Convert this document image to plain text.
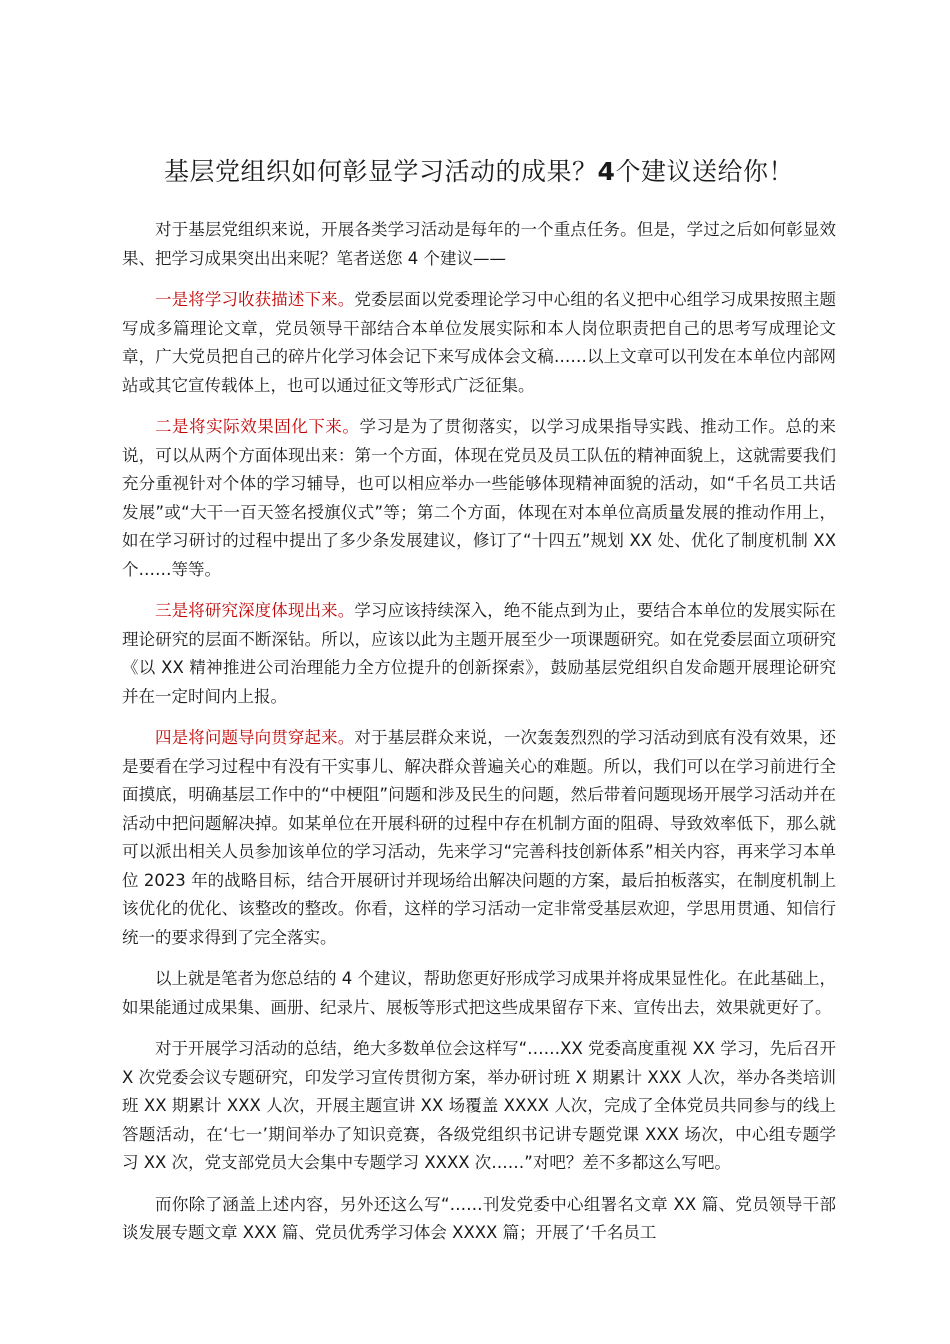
基层党组织如何彰显学习活动的成果？4个建议送给你！

对于基层党组织来说，开展各类学习活动是每年的一个重点任务。但是，学过之后如何彰显效果、把学习成果突出出来呢？笔者送您 4 个建议——

一是将学习收获描述下来。党委层面以党委理论学习中心组的名义把中心组学习成果按照主题写成多篇理论文章，党员领导干部结合本单位发展实际和本人岗位职责把自己的思考写成理论文章，广大党员把自己的碎片化学习体会记下来写成体会文稿……以上文章可以刊发在本单位内部网站或其它宣传载体上，也可以通过征文等形式广泛征集。

二是将实际效果固化下来。学习是为了贯彻落实，以学习成果指导实践、推动工作。总的来说，可以从两个方面体现出来：第一个方面，体现在党员及员工队伍的精神面貌上，这就需要我们充分重视针对个体的学习辅导，也可以相应举办一些能够体现精神面貌的活动，如“千名员工共话发展”或“大干一百天签名授旗仪式”等；第二个方面，体现在对本单位高质量发展的推动作用上，如在学习研讨的过程中提出了多少条发展建议，修订了“十四五”规划 XX 处、优化了制度机制 XX 个……等等。

三是将研究深度体现出来。学习应该持续深入，绝不能点到为止，要结合本单位的发展实际在理论研究的层面不断深钻。所以，应该以此为主题开展至少一项课题研究。如在党委层面立项研究《以 XX 精神推进公司治理能力全方位提升的创新探索》，鼓励基层党组织自发命题开展理论研究并在一定时间内上报。

四是将问题导向贯穿起来。对于基层群众来说，一次轰轰烈烈的学习活动到底有没有效果，还是要看在学习过程中有没有干实事儿、解决群众普遍关心的难题。所以，我们可以在学习前进行全面摸底，明确基层工作中的“中梗阻”问题和涉及民生的问题，然后带着问题现场开展学习活动并在活动中把问题解决掉。如某单位在开展科研的过程中存在机制方面的阻碍、导致效率低下，那么就可以派出相关人员参加该单位的学习活动，先来学习“完善科技创新体系”相关内容，再来学习本单位 2023 年的战略目标，结合开展研讨并现场给出解决问题的方案，最后拍板落实，在制度机制上该优化的优化、该整改的整改。你看，这样的学习活动一定非常受基层欢迎，学思用贯通、知信行统一的要求得到了完全落实。

以上就是笔者为您总结的 4 个建议，帮助您更好形成学习成果并将成果显性化。在此基础上，如果能通过成果集、画册、纪录片、展板等形式把这些成果留存下来、宣传出去，效果就更好了。

对于开展学习活动的总结，绝大多数单位会这样写“……XX 党委高度重视 XX 学习，先后召开 X 次党委会议专题研究，印发学习宣传贯彻方案，举办研讨班 X 期累计 XXX 人次，举办各类培训班 XX 期累计 XXX 人次，开展主题宣讲 XX 场覆盖 XXXX 人次，完成了全体党员共同参与的线上答题活动，在‘七一’期间举办了知识竞赛，各级党组织书记讲专题党课 XXX 场次，中心组专题学习 XX 次，党支部党员大会集中专题学习 XXXX 次……”对吧？差不多都这么写吧。

而你除了涵盖上述内容，另外还这么写“……刊发党委中心组署名文章 XX 篇、党员领导干部谈发展专题文章 XXX 篇、党员优秀学习体会 XXXX 篇；开展了‘千名员工
